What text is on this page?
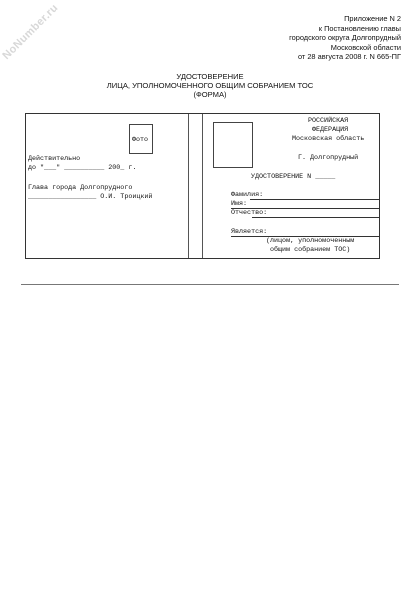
NoNumber.ru	Приложение N 2
к Постановлению главы
городского округа Долгопрудный
Московской области
от 28 августа 2008 г. N 665-ПГ
УДОСТОВЕРЕНИЕ
ЛИЦА, УПОЛНОМОЧЕННОГО ОБЩИМ СОБРАНИЕМ ТОС
(ФОРМА)
Фото
Действительно
до "___" __________ 200_ г.
Глава города Долгопрудного
_________________ О.И. Троицкий
РОССИЙСКАЯ
ФЕДЕРАЦИЯ
Московская область
Г. Долгопрудный
УДОСТОВЕРЕНИЕ N _____
Фамилия:
Имя:
Отчество:
Является:
(лицом, уполномоченным
общим собранием ТОС)
